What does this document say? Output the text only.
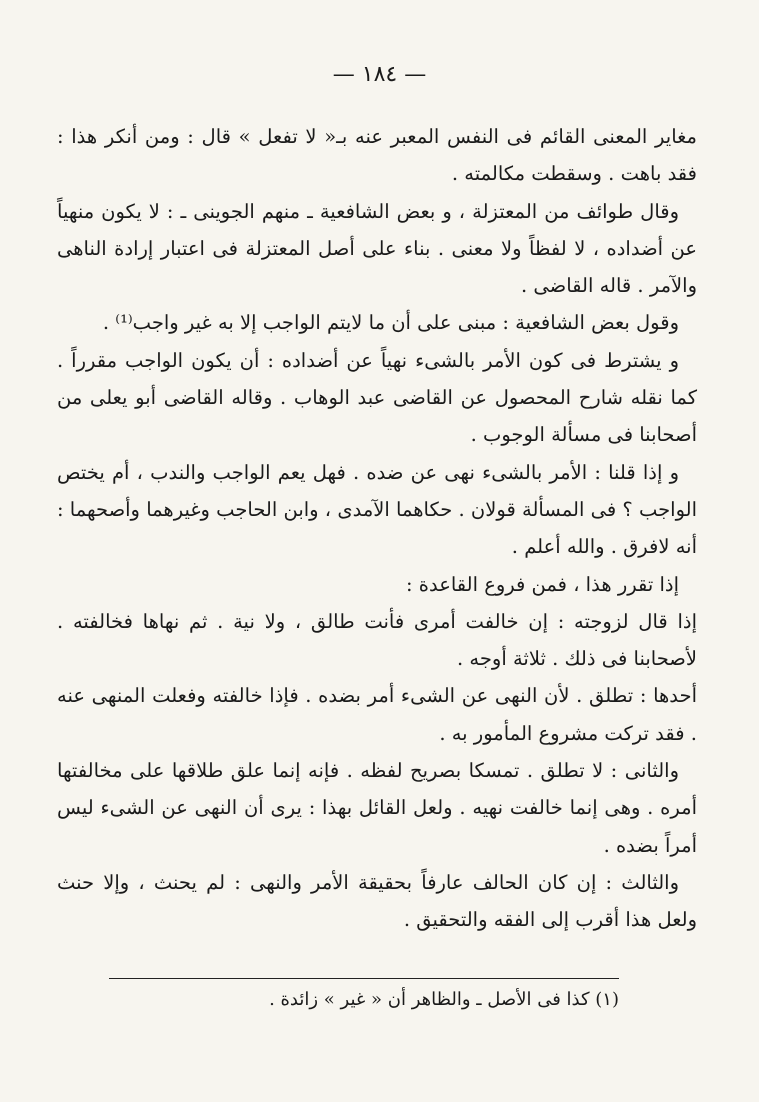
— ١٨٤ —

مغاير المعنى القائم فى النفس المعبر عنه بـ« لا تفعل » قال : ومن أنكر هذا : فقد باهت . وسقطت مكالمته .

وقال طوائف من المعتزلة ، و بعض الشافعية ـ منهم الجوينى ـ : لا يكون منهياً عن أضداده ، لا لفظاً ولا معنى . بناء على أصل المعتزلة فى اعتبار إرادة الناهى والآمر . قاله القاضى .

وقول بعض الشافعية : مبنى على أن ما لايتم الواجب إلا به غير واجب⁽¹⁾ .

و يشترط فى كون الأمر بالشىء نهياً عن أضداده : أن يكون الواجب مقرراً . كما نقله شارح المحصول عن القاضى عبد الوهاب . وقاله القاضى أبو يعلى من أصحابنا فى مسألة الوجوب .

و إذا قلنا : الأمر بالشىء نهى عن ضده . فهل يعم الواجب والندب ، أم يختص الواجب ؟ فى المسألة قولان . حكاهما الآمدى ، وابن الحاجب وغيرهما وأصحهما : أنه لافرق . والله أعلم .

إذا تقرر هذا ، فمن فروع القاعدة :

إذا قال لزوجته : إن خالفت أمرى فأنت طالق ، ولا نية . ثم نهاها فخالفته . لأصحابنا فى ذلك . ثلاثة أوجه .

أحدها : تطلق . لأن النهى عن الشىء أمر بضده . فإذا خالفته وفعلت المنهى عنه . فقد تركت مشروع المأمور به .

والثانى : لا تطلق . تمسكا بصريح لفظه . فإنه إنما علق طلاقها على مخالفتها أمره . وهى إنما خالفت نهيه . ولعل القائل بهذا : يرى أن النهى عن الشىء ليس أمراً بضده .

والثالث : إن كان الحالف عارفاً بحقيقة الأمر والنهى : لم يحنث ، وإلا حنث ولعل هذا أقرب إلى الفقه والتحقيق .

(١) كذا فى الأصل ـ والظاهر أن « غير » زائدة .
